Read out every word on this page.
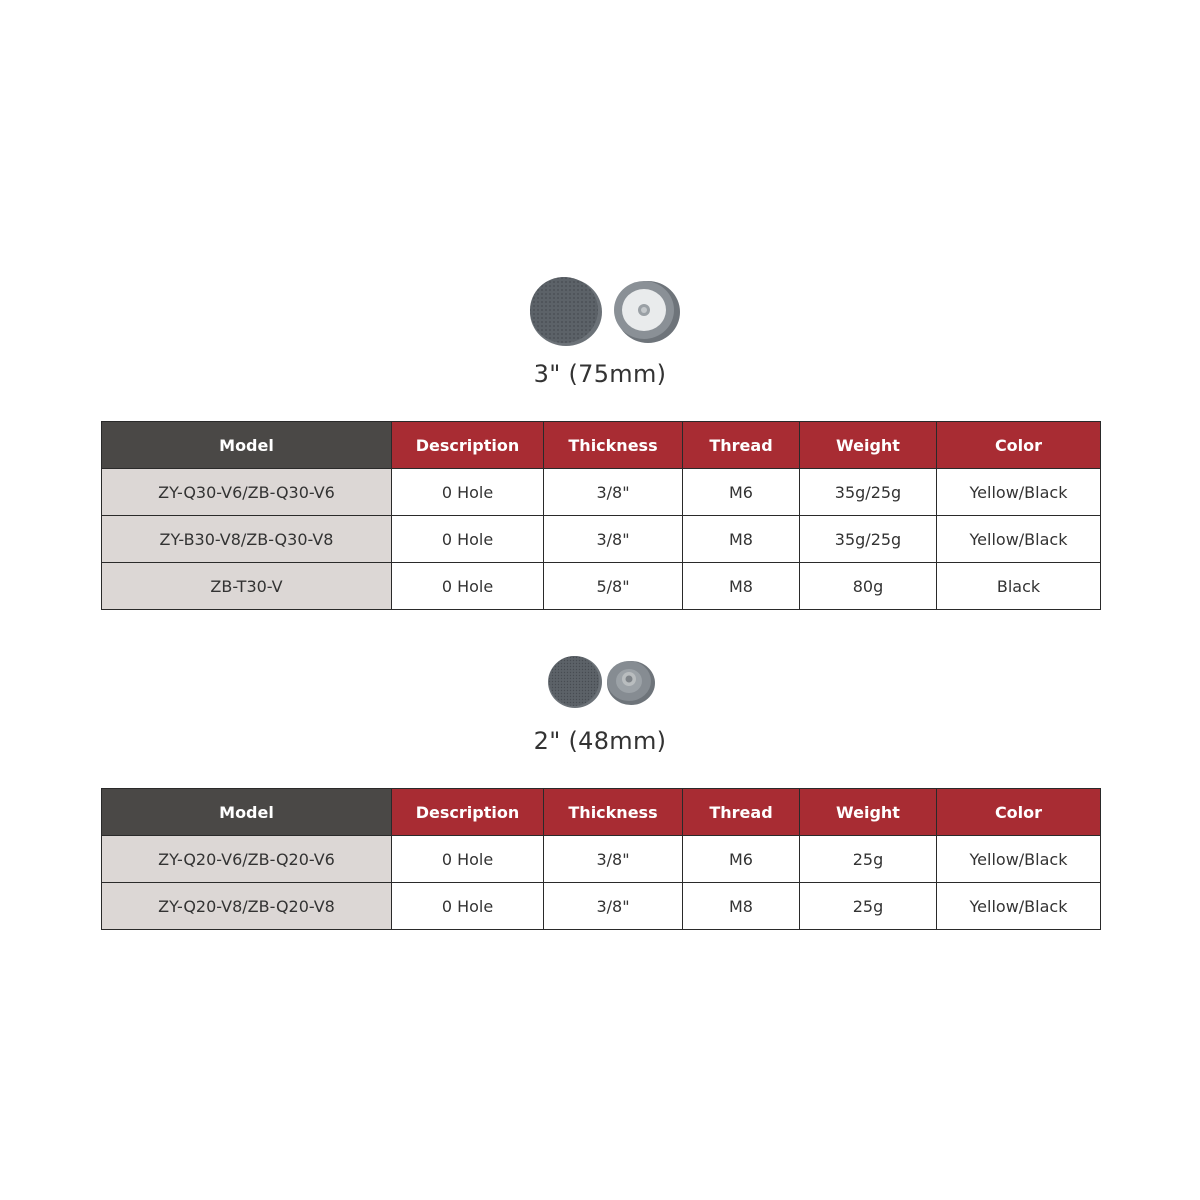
3" (75mm)
Model	Description	Thickness	Thread	Weight	Color
ZY-Q30-V6/ZB-Q30-V6	0 Hole	3/8"	M6	35g/25g	Yellow/Black
ZY-B30-V8/ZB-Q30-V8	0 Hole	3/8"	M8	35g/25g	Yellow/Black
ZB-T30-V	0 Hole	5/8"	M8	80g	Black
2" (48mm)
Model	Description	Thickness	Thread	Weight	Color
ZY-Q20-V6/ZB-Q20-V6	0 Hole	3/8"	M6	25g	Yellow/Black
ZY-Q20-V8/ZB-Q20-V8	0 Hole	3/8"	M8	25g	Yellow/Black
